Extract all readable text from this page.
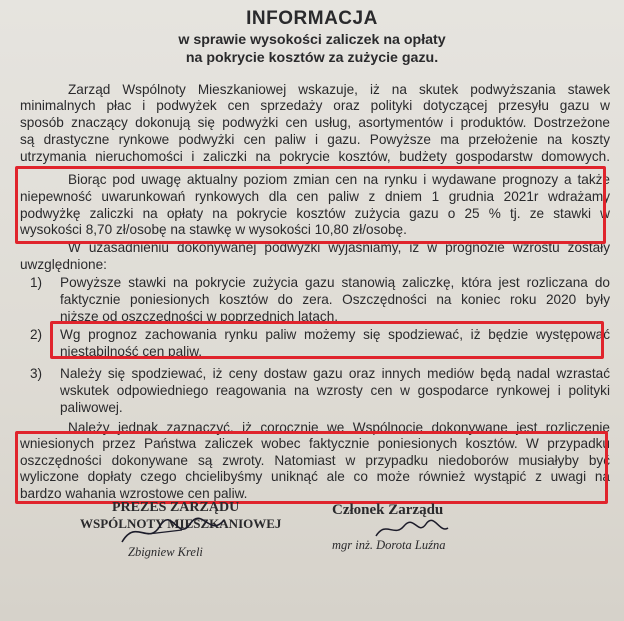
INFORMACJA

w sprawie wysokości zaliczek na opłaty

na pokrycie kosztów za zużycie gazu.

Zarząd Wspólnoty Mieszkaniowej wskazuje, iż na skutek podwyższania stawek

minimalnych płac i podwyżek cen sprzedaży oraz polityki dotyczącej przesyłu gazu w

sposób znaczący dokonują się podwyżki cen usług, asortymentów i produktów. Dostrzeżone

są drastyczne rynkowe podwyżki cen paliw i gazu. Powyższe ma przełożenie na koszty

utrzymania nieruchomości i zaliczki na pokrycie kosztów, budżety gospodarstw domowych.

Biorąc pod uwagę aktualny poziom zmian cen na rynku i wydawane prognozy a także

niepewność uwarunkowań rynkowych dla cen paliw z dniem 1 grudnia 2021r wdrażamy

podwyżkę zaliczki na opłaty na pokrycie kosztów zużycia gazu o 25 % tj. ze stawki w

wysokości 8,70 zł/osobę na stawkę w wysokości 10,80 zł/osobę.

W uzasadnieniu dokonywanej podwyżki wyjaśniamy, iż w prognozie wzrostu zostały

uwzględnione:

1)	Powyższe stawki na pokrycie zużycia gazu stanowią zaliczkę, która jest rozliczana do
faktycznie poniesionych kosztów do zera. Oszczędności na koniec roku 2020 były
niższe od oszczędności w poprzednich latach.
2)	Wg prognoz zachowania rynku paliw możemy się spodziewać, iż będzie występować
niestabilność cen paliw.
3)	Należy się spodziewać, iż ceny dostaw gazu oraz innych mediów będą nadal wzrastać
wskutek odpowiedniego reagowania na wzrosty cen w gospodarce rynkowej i polityki
paliwowej.

Należy jednak zaznaczyć, iż corocznie we Wspólnocie dokonywane jest rozliczenie

wniesionych przez Państwa zaliczek wobec faktycznie poniesionych kosztów. W przypadku

oszczędności dokonywane są zwroty. Natomiast w przypadku niedoborów musiałyby być

wyliczone dopłaty czego chcielibyśmy uniknąć ale co może również wystąpić z uwagi na

bardzo wahania wzrostowe cen paliw.

PREZES ZARZĄDU

WSPÓLNOTY MIESZKANIOWEJ

Zbigniew Kreli

Członek Zarządu

mgr inż. Dorota Luźna
